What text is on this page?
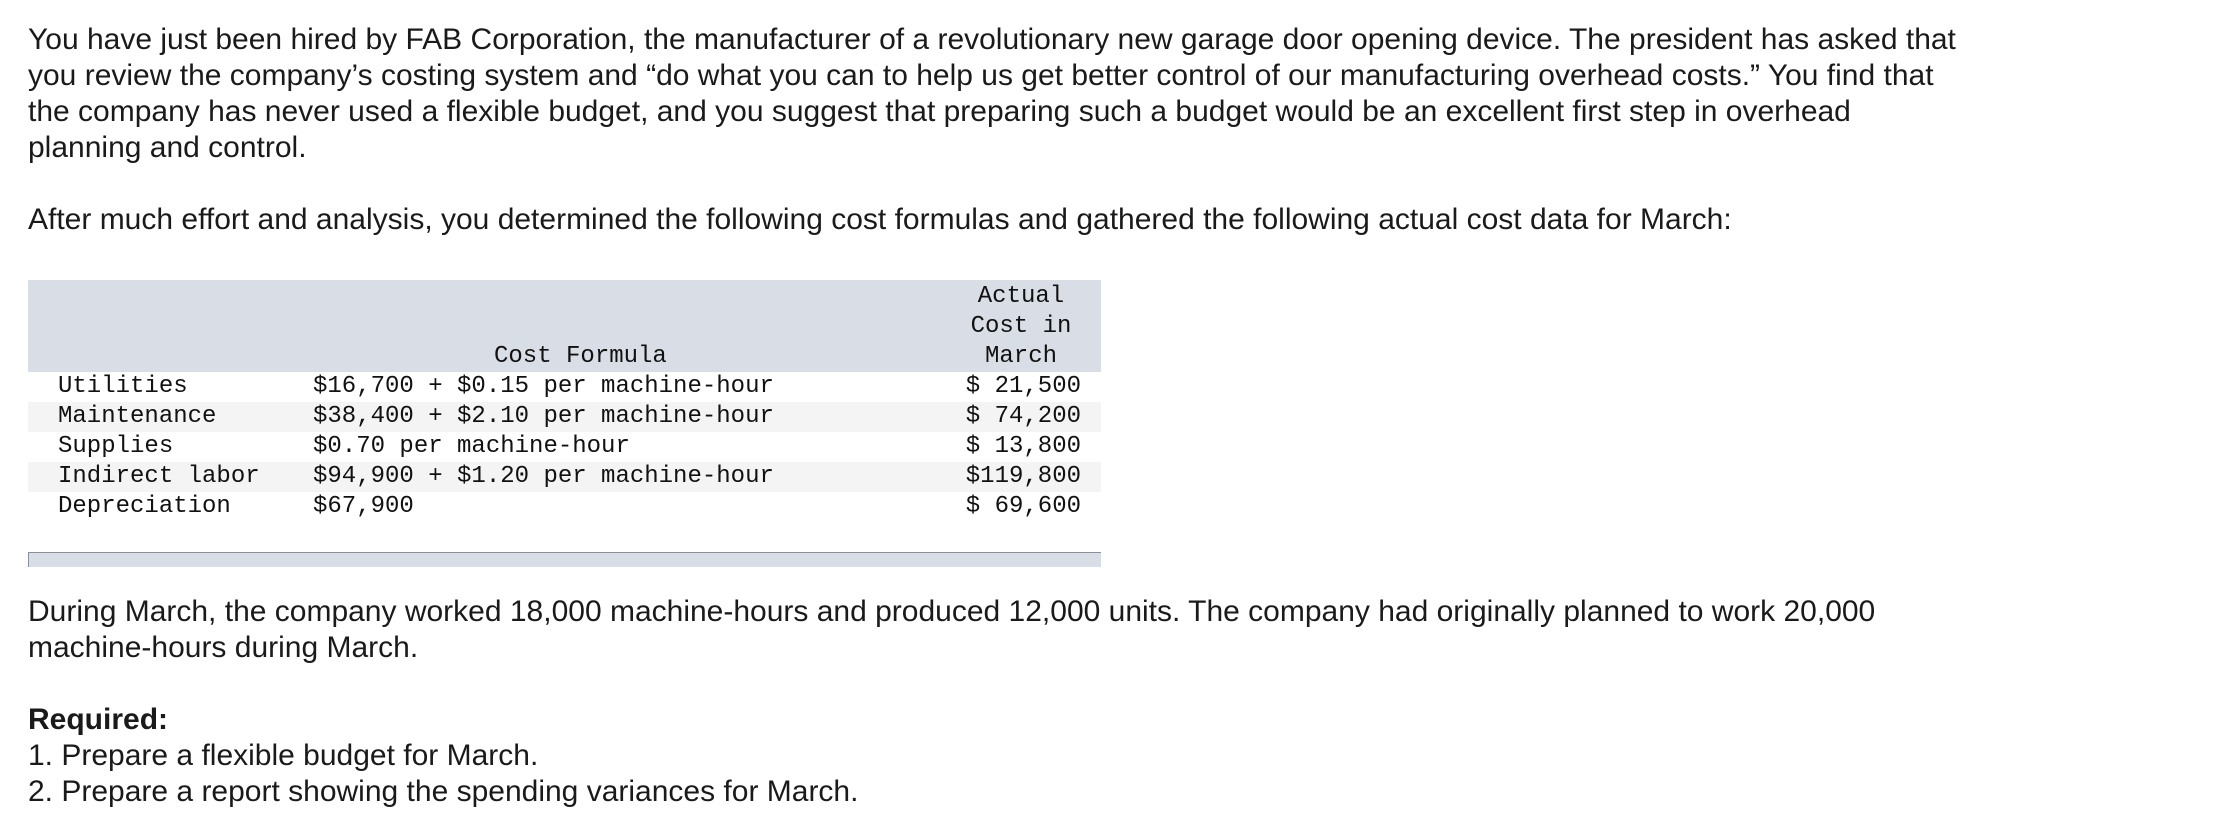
You have just been hired by FAB Corporation, the manufacturer of a revolutionary new garage door opening device. The president has asked that you review the company’s costing system and “do what you can to help us get better control of our manufacturing overhead costs.” You find that the company has never used a flexible budget, and you suggest that preparing such a budget would be an excellent first step in overhead planning and control.

After much effort and analysis, you determined the following cost formulas and gathered the following actual cost data for March:

	Cost Formula		Actual
Cost in
March

Utilities	$16,700 + $0.15 per machine-hour		$ 21,500
Maintenance	$38,400 + $2.10 per machine-hour		$ 74,200
Supplies	$0.70 per machine-hour		$ 13,800
Indirect labor	$94,900 + $1.20 per machine-hour		$119,800
Depreciation	$67,900		$ 69,600

During March, the company worked 18,000 machine-hours and produced 12,000 units. The company had originally planned to work 20,000 machine-hours during March.

Required:

1. Prepare a flexible budget for March.

2. Prepare a report showing the spending variances for March.
